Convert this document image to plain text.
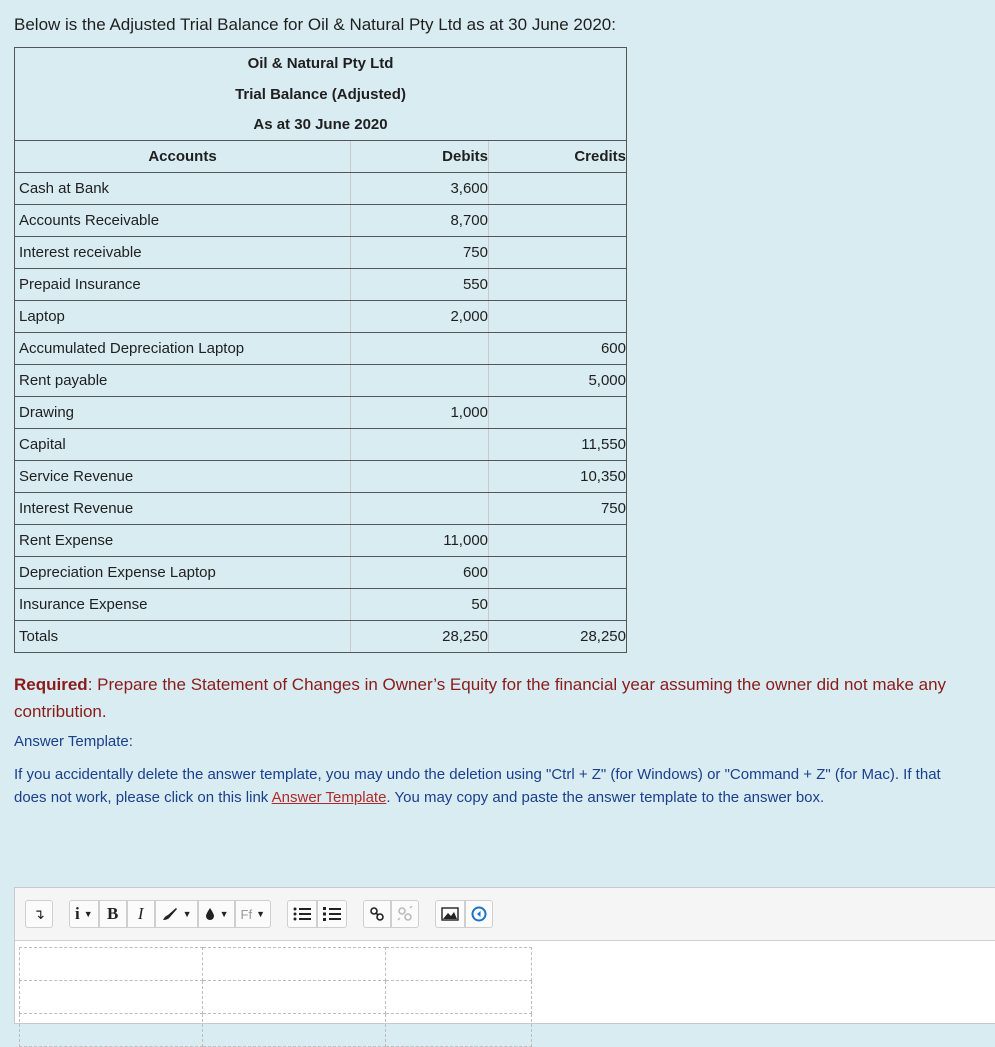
Below is the Adjusted Trial Balance for Oil & Natural Pty Ltd as at 30 June 2020:
Oil & Natural Pty Ltd		
Trial Balance (Adjusted)		
As at 30 June 2020		
Accounts	Debits	Credits
Cash at Bank	3,600	
Accounts Receivable	8,700	
Interest receivable	750	
Prepaid Insurance	550	
Laptop	2,000	
Accumulated Depreciation Laptop		600
Rent payable		5,000
Drawing	1,000	
Capital		11,550
Service Revenue		10,350
Interest Revenue		750
Rent Expense	11,000	
Depreciation Expense Laptop	600	
Insurance Expense	50	
Totals	28,250	28,250
Required: Prepare the Statement of Changes in Owner’s Equity for the financial year assuming the owner did not make any contribution.
Answer Template:
If you accidentally delete the answer template, you may undo the deletion using "Ctrl + Z" (for Windows) or "Command + Z" (for Mac). If that does not work, please click on this link Answer Template. You may copy and paste the answer template to the answer box.
↴ i ▼ B I	▼	▼ Ff ▼
